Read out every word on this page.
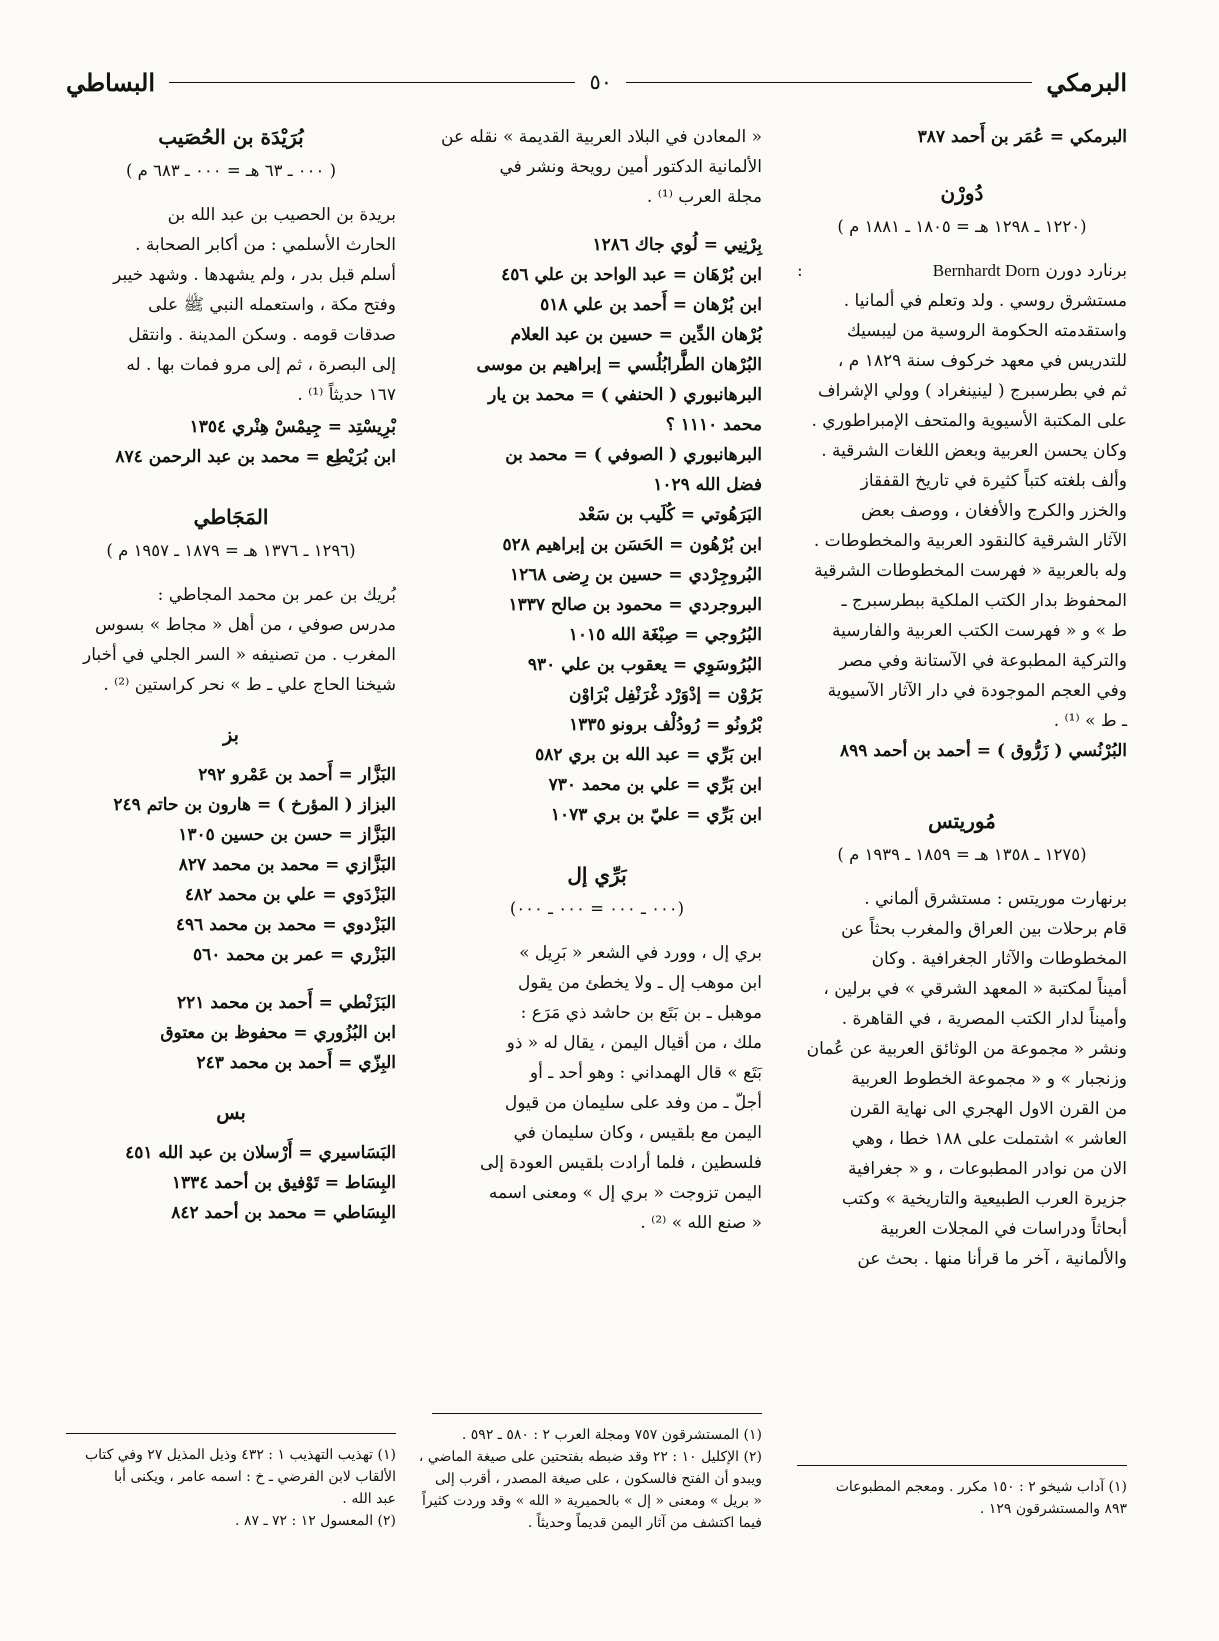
البرمكي
٥٠
البساطي

البرمكي = عُمَر بن أَحمد ٣٨٧

دُورْن
(١٢٢٠ ـ ١٢٩٨ هـ = ١٨٠٥ ـ ١٨٨١ م )

برنارد دورن Bernhardt Dorn
:

مستشرق روسي . ولد وتعلم في ألمانيا .

واستقدمته الحكومة الروسية من ليبسيك

للتدريس في معهد خركوف سنة ١٨٢٩ م ،

ثم في بطرسبرج ( لينينغراد ) وولي الإشراف

على المكتبة الأسيوية والمتحف الإمبراطوري .

وكان يحسن العربية وبعض اللغات الشرقية .

وألف بلغته كتباً كثيرة في تاريخ القفقاز

والخزر والكرج والأفغان ، ووصف بعض

الآثار الشرقية كالنقود العربية والمخطوطات .

وله بالعربية « فهرست المخطوطات الشرقية

المحفوظ بدار الكتب الملكية ببطرسبرج ـ

ط » و « فهرست الكتب العربية والفارسية

والتركية المطبوعة في الآستانة وفي مصر

وفي العجم الموجودة في دار الآثار الآسيوية

ـ ط » ⁽¹⁾ .

البُرْنُسي ( زَرُّوق ) = أحمد بن أحمد ٨٩٩

مُوريتس
(١٢٧٥ ـ ١٣٥٨ هـ = ١٨٥٩ ـ ١٩٣٩ م )

برنهارت موريتس : مستشرق ألماني .

قام برحلات بين العراق والمغرب بحثاً عن

المخطوطات والآثار الجغرافية . وكان

أميناً لمكتبة « المعهد الشرقي » في برلين ،

وأميناً لدار الكتب المصرية ، في القاهرة .

ونشر « مجموعة من الوثائق العربية عن عُمان

وزنجبار » و « مجموعة الخطوط العربية

من القرن الاول الهجري الى نهاية القرن

العاشر » اشتملت على ١٨٨ خطا ، وهي

الان من نوادر المطبوعات ، و « جغرافية

جزيرة العرب الطبيعية والتاريخية » وكتب

أبحاثاً ودراسات في المجلات العربية

والألمانية ، آخر ما قرأنا منها . بحث عن

(١) آداب شيخو ٢ : ١٥٠ مكرر . ومعجم المطبوعات

٨٩٣ والمستشرقون ١٢٩ .

« المعادن في البلاد العربية القديمة » نقله عن

الألمانية الدكتور أمين رويحة ونشر في

مجلة العرب ⁽¹⁾ .

بِرْنِيي = لُوي جاك ١٢٨٦

ابن بُرْهَان = عبد الواحد بن علي ٤٥٦

ابن بُرْهان = أَحمد بن علي ٥١٨

بُرْهان الدِّين = حسين بن عبد العلام

البُرْهان الطَّرابُلُسي = إبراهيم بن موسى

البرهانبوري ( الحنفي ) = محمد بن يار

محمد ١١١٠ ؟

البرهانبوري ( الصوفي ) = محمد بن

فضل الله ١٠٢٩

البَرَهُوتي = كُلَيب بن سَعْد

ابن بُرْهُون = الحَسَن بن إبراهيم ٥٢٨

البُروجِرْدي = حسين بن رِضى ١٢٦٨

البروجردي = محمود بن صالح ١٣٣٧

البُرُوجي = صِبْغَة الله ١٠١٥

البُرُوسَوِي = يعقوب بن علي ٩٣٠

بَرُوْن = إدْوَرْد غْرَنْفِل بْرَاوْن

بْرُونُو = رُودُلْف برونو ١٣٣٥

ابن بَرِّي = عبد الله بن بري ٥٨٢

ابن بَرِّي = علي بن محمد ٧٣٠

ابن بَرِّي = عليّ بن بري ١٠٧٣

بَرِّي إل
(٠٠٠ ـ ٠٠٠ = ٠٠٠ ـ ٠٠٠)

بري إل ، وورد في الشعر « بَرِيل »

ابن موهب إل ـ ولا يخطئ من يقول

موهبل ـ بن بَتَع بن حاشد ذي مَرَع :

ملك ، من أقيال اليمن ، يقال له « ذو

بَتَع » قال الهمداني : وهو أحد ـ أو

أجلّ ـ من وفد على سليمان من قيول

اليمن مع بلقيس ، وكان سليمان في

فلسطين ، فلما أرادت بلقيس العودة إلى

اليمن تزوجت « بري إل » ومعنى اسمه

« صنع الله » ⁽²⁾ .

(١) المستشرقون ٧٥٧ ومجلة العرب ٢ : ٥٨٠ ـ ٥٩٢ .

(٢) الإكليل ١٠ : ٢٢ وقد ضبطه بفتحتين على صيغة الماضي ،

ويبدو أن الفتح فالسكون ، على صيغة المصدر ، أقرب إلى

« بريل » ومعنى « إل » بالحميرية « الله » وقد وردت كثيراً

فيما اكتشف من آثار اليمن قديماً وحديثاً .

بُرَيْدَة بن الحُصَيب
( ٠٠٠ ـ ٦٣ هـ = ٠٠٠ ـ ٦٨٣ م )

بريدة بن الحصيب بن عبد الله بن

الحارث الأسلمي : من أكابر الصحابة .

أسلم قبل بدر ، ولم يشهدها . وشهد خيبر

وفتح مكة ، واستعمله النبي ﷺ على

صدقات قومه . وسكن المدينة . وانتقل

إلى البصرة ، ثم إلى مرو فمات بها . له

١٦٧ حديثاً ⁽¹⁾ .

بْرِيسْتِد = جِيمْسْ هِنْري ١٣٥٤

ابن بُرَيْطِع = محمد بن عبد الرحمن ٨٧٤

المَجَاطي
(١٢٩٦ ـ ١٣٧٦ هـ = ١٨٧٩ ـ ١٩٥٧ م )

بُريك بن عمر بن محمد المجاطي :

مدرس صوفي ، من أهل « مجاط » بسوس

المغرب . من تصنيفه « السر الجلي في أخبار

شيخنا الحاج علي ـ ط » نحر كراستين ⁽²⁾ .

بز

البَزَّار = أَحمد بن عَمْرو ٢٩٢

البزاز ( المؤرخ ) = هارون بن حاتم ٢٤٩

البَزَّاز = حسن بن حسين ١٣٠٥

البَزَّازي = محمد بن محمد ٨٢٧

البَزْدَوي = علي بن محمد ٤٨٢

البَزْدوي = محمد بن محمد ٤٩٦

البَزْري = عمر بن محمد ٥٦٠

البَزَنْطي = أَحمد بن محمد ٢٢١

ابن البُزُوري = محفوظ بن معتوق

البِزّي = أَحمد بن محمد ٢٤٣

بس

البَسَاسيري = أَرْسلان بن عبد الله ٤٥١

البِسَاط = تَوْفيق بن أحمد ١٣٣٤

البِسَاطي = محمد بن أحمد ٨٤٢

(١) تهذيب التهذيب ١ : ٤٣٢ وذيل المذيل ٢٧ وفي كتاب

الألقاب لابن الفرضي ـ خ : اسمه عامر ، ويكنى أبا

عبد الله .

(٢) المعسول ١٢ : ٧٢ ـ ٨٧ .
